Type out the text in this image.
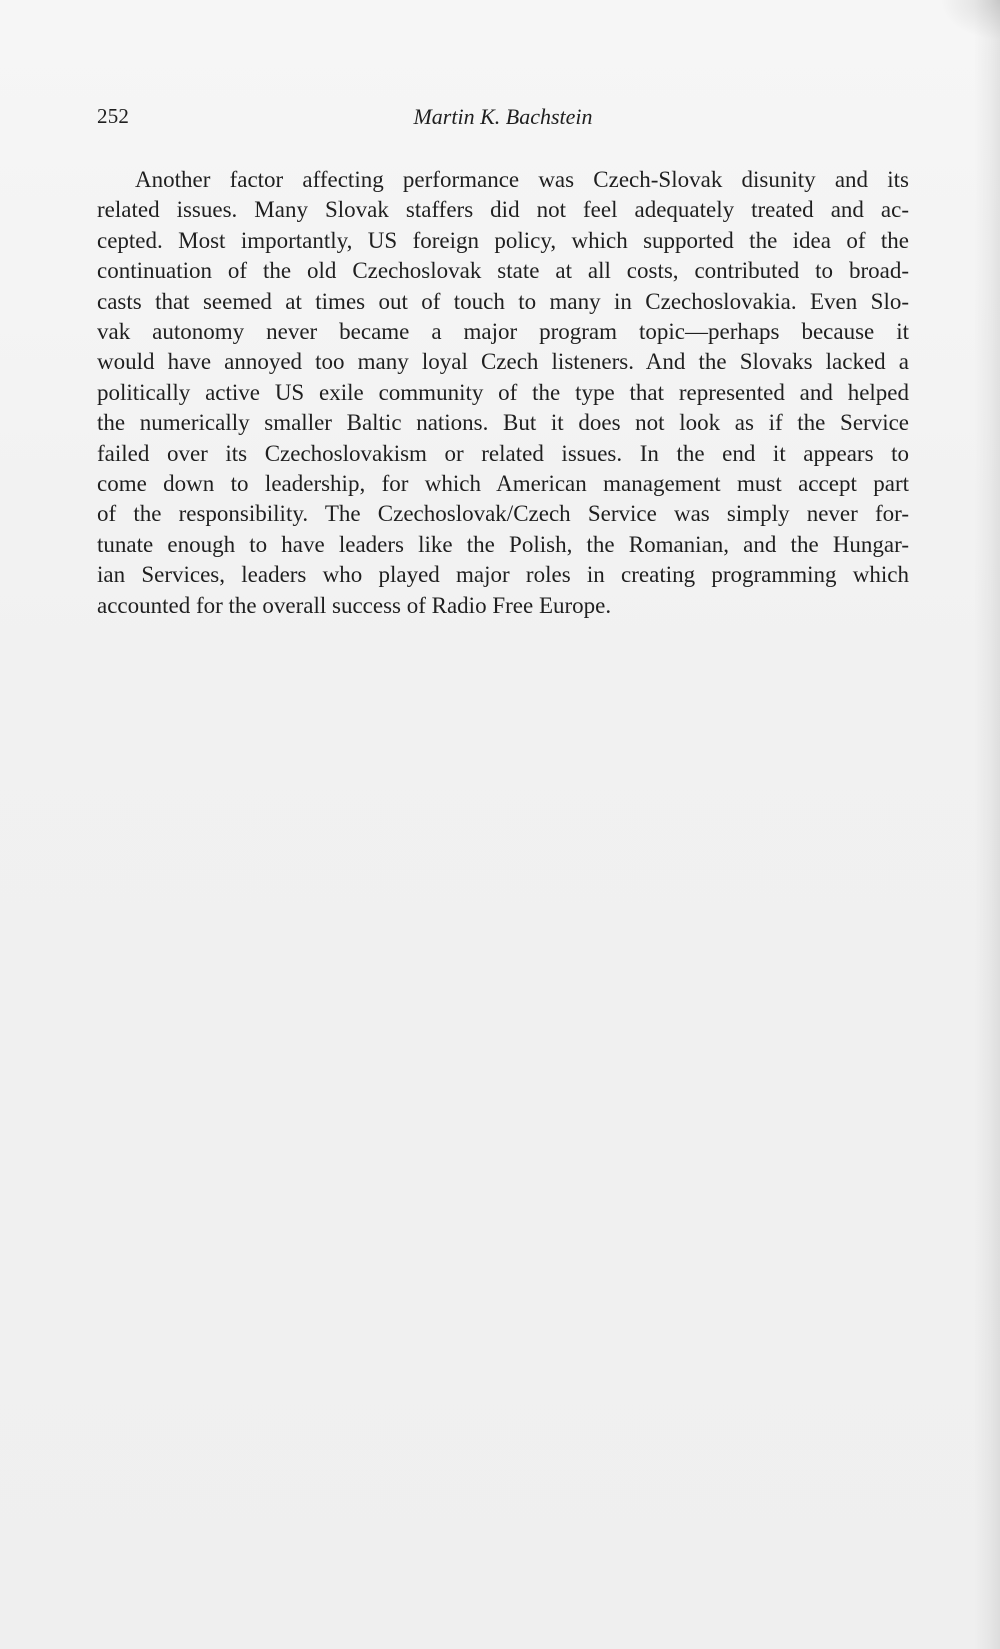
252	Martin K. Bachstein
Another factor affecting performance was Czech-Slovak disunity and its
related issues. Many Slovak staffers did not feel adequately treated and ac-
cepted. Most importantly, US foreign policy, which supported the idea of the
continuation of the old Czechoslovak state at all costs, contributed to broad-
casts that seemed at times out of touch to many in Czechoslovakia. Even Slo-
vak autonomy never became a major program topic—perhaps because it
would have annoyed too many loyal Czech listeners. And the Slovaks lacked a
politically active US exile community of the type that represented and helped
the numerically smaller Baltic nations. But it does not look as if the Service
failed over its Czechoslovakism or related issues. In the end it appears to
come down to leadership, for which American management must accept part
of the responsibility. The Czechoslovak/Czech Service was simply never for-
tunate enough to have leaders like the Polish, the Romanian, and the Hungar-
ian Services, leaders who played major roles in creating programming which
accounted for the overall success of Radio Free Europe.
